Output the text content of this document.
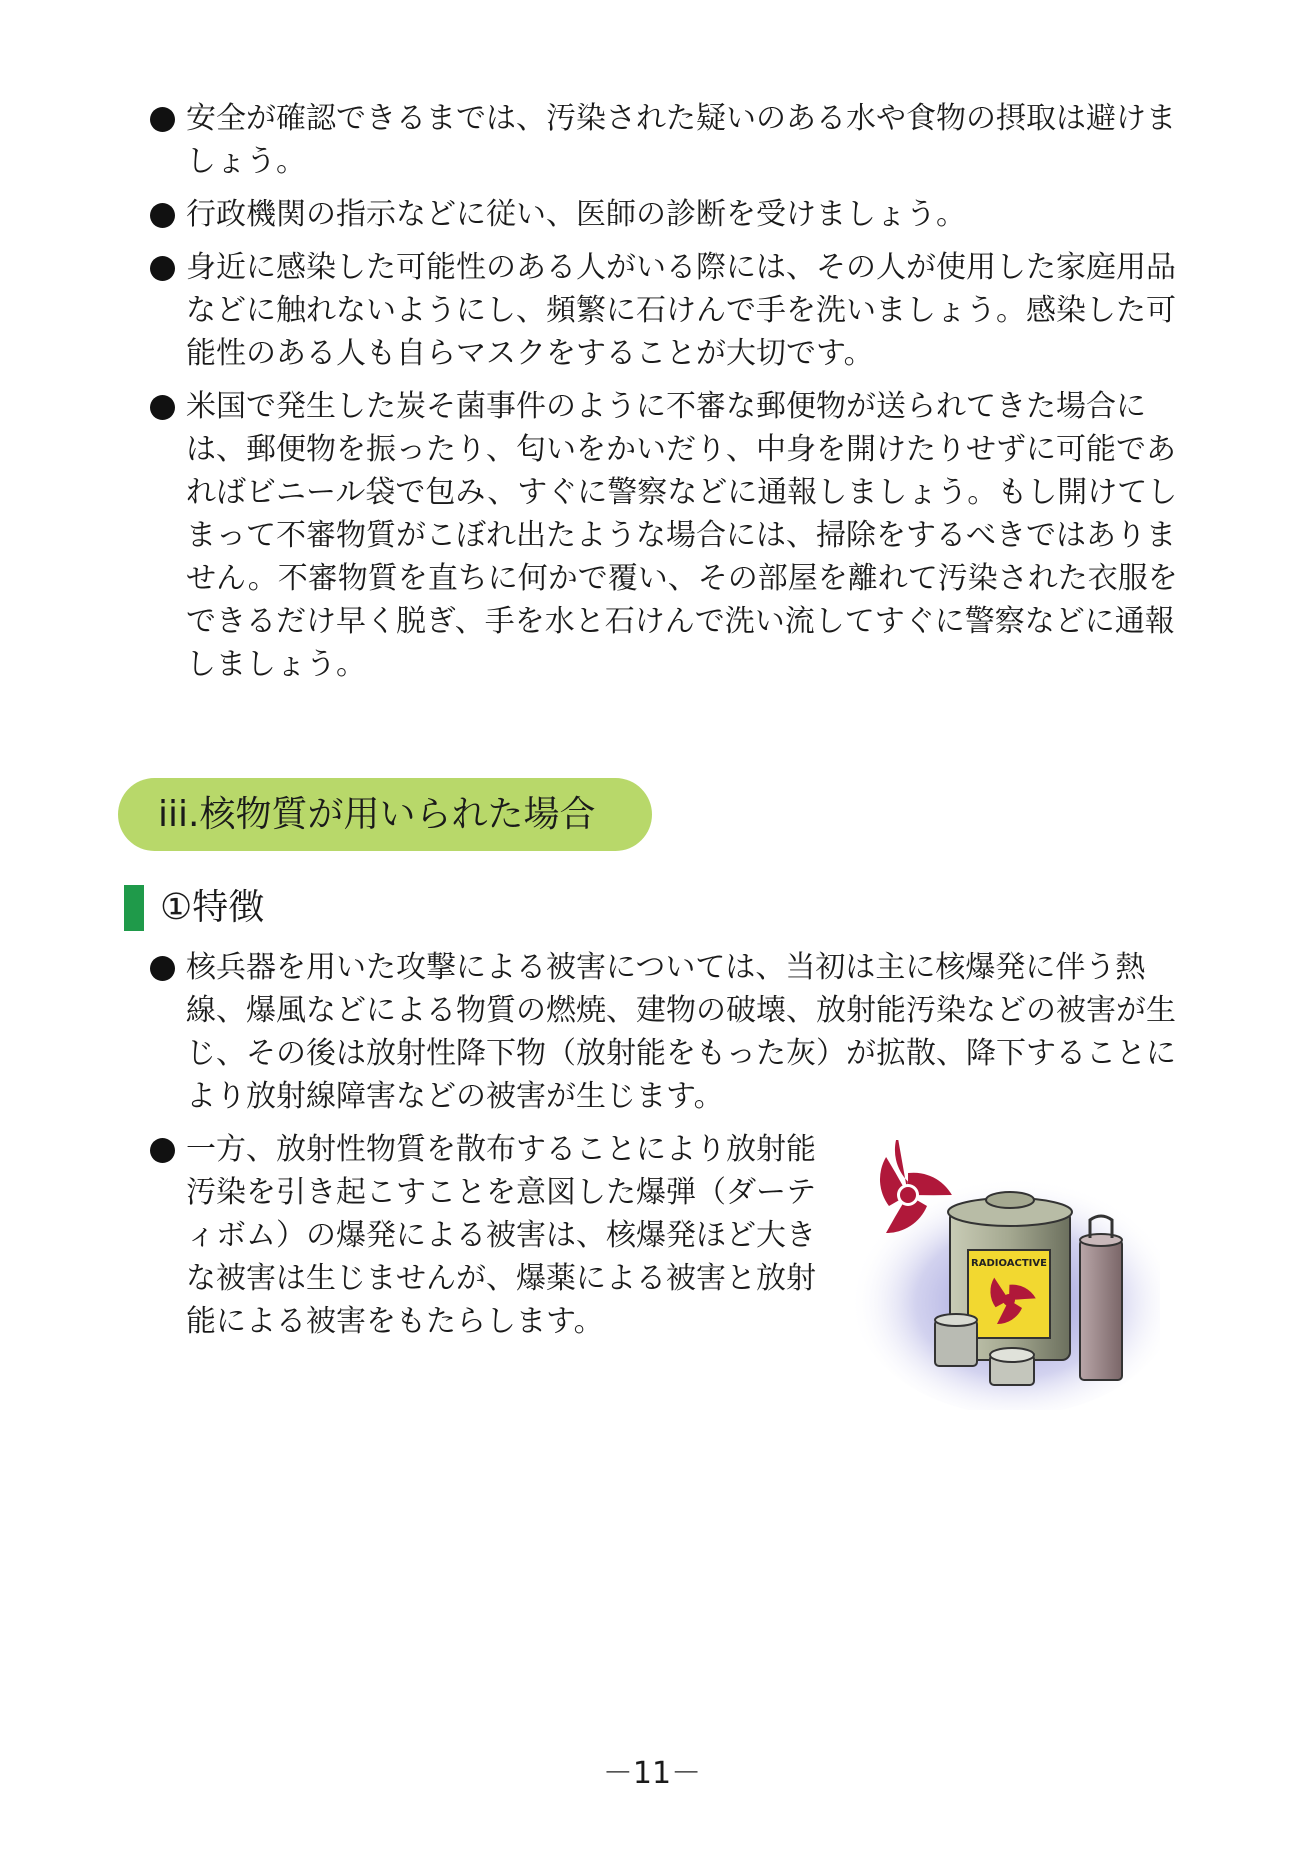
安全が確認できるまでは、汚染された疑いのある水や食物の摂取は避けましょう。
行政機関の指示などに従い、医師の診断を受けましょう。
身近に感染した可能性のある人がいる際には、その人が使用した家庭用品などに触れないようにし、頻繁に石けんで手を洗いましょう。感染した可能性のある人も自らマスクをすることが大切です。
米国で発生した炭そ菌事件のように不審な郵便物が送られてきた場合には、郵便物を振ったり、匂いをかいだり、中身を開けたりせずに可能であればビニール袋で包み、すぐに警察などに通報しましょう。もし開けてしまって不審物質がこぼれ出たような場合には、掃除をするべきではありません。不審物質を直ちに何かで覆い、その部屋を離れて汚染された衣服をできるだけ早く脱ぎ、手を水と石けんで洗い流してすぐに警察などに通報しましょう。
iii.核物質が用いられた場合
①特徴
核兵器を用いた攻撃による被害については、当初は主に核爆発に伴う熱線、爆風などによる物質の燃焼、建物の破壊、放射能汚染などの被害が生じ、その後は放射性降下物（放射能をもった灰）が拡散、降下することにより放射線障害などの被害が生じます。
一方、放射性物質を散布することにより放射能汚染を引き起こすことを意図した爆弾（ダーティボム）の爆発による被害は、核爆発ほど大きな被害は生じませんが、爆薬による被害と放射能による被害をもたらします。
RADIOACTIVE
－11－
